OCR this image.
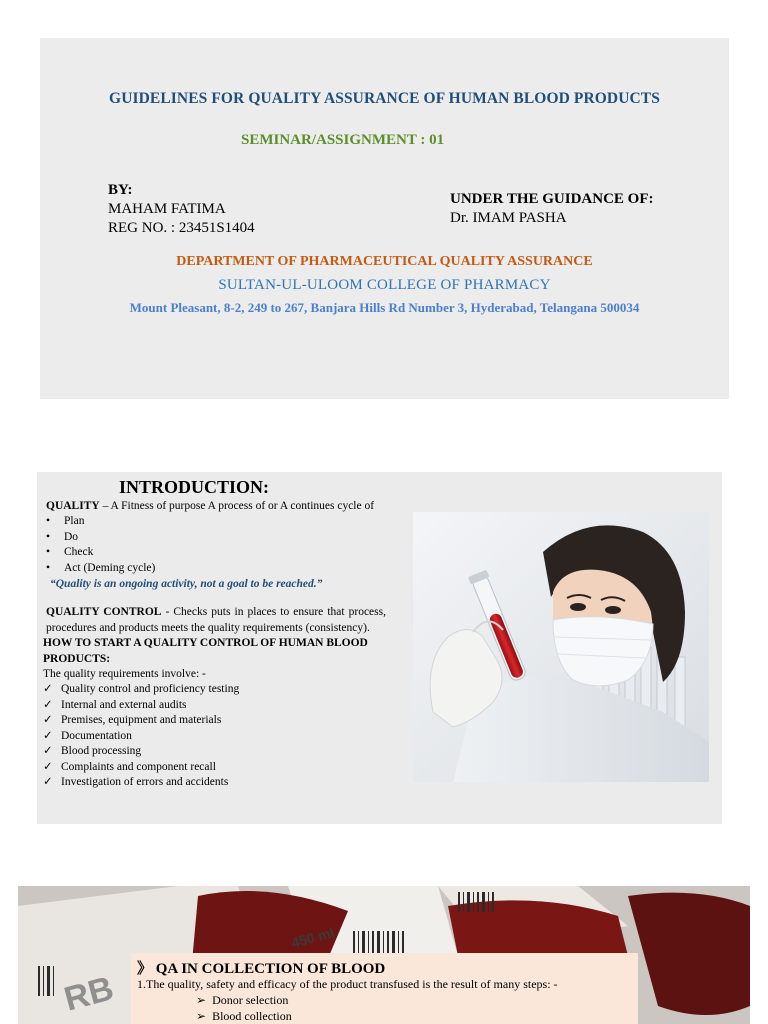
GUIDELINES FOR QUALITY ASSURANCE OF HUMAN BLOOD PRODUCTS
SEMINAR/ASSIGNMENT : 01
BY:
MAHAM FATIMA
REG NO. : 23451S1404
UNDER THE GUIDANCE OF:
Dr. IMAM PASHA
DEPARTMENT OF PHARMACEUTICAL QUALITY ASSURANCE
SULTAN-UL-ULOOM COLLEGE OF PHARMACY
Mount Pleasant, 8-2, 249 to 267, Banjara Hills Rd Number 3, Hyderabad, Telangana 500034
INTRODUCTION:
QUALITY – A Fitness of purpose A process of or A continues cycle of
• Plan
• Do
• Check
• Act (Deming cycle)
“Quality is an ongoing activity, not a goal to be reached.”
QUALITY CONTROL - Checks puts in places to ensure that process, procedures and products meets the quality requirements (consistency).
HOW TO START A QUALITY CONTROL OF HUMAN BLOOD PRODUCTS:
The quality requirements involve: -
✓ Quality control and proficiency testing
✓ Internal and external audits
✓ Premises, equipment and materials
✓ Documentation
✓ Blood processing
✓ Complaints and component recall
✓ Investigation of errors and accidents
450 ml
RB
》 QA IN COLLECTION OF BLOOD
1.The quality, safety and efficacy of the product transfused is the result of many steps: -
➢ Donor selection
➢ Blood collection
